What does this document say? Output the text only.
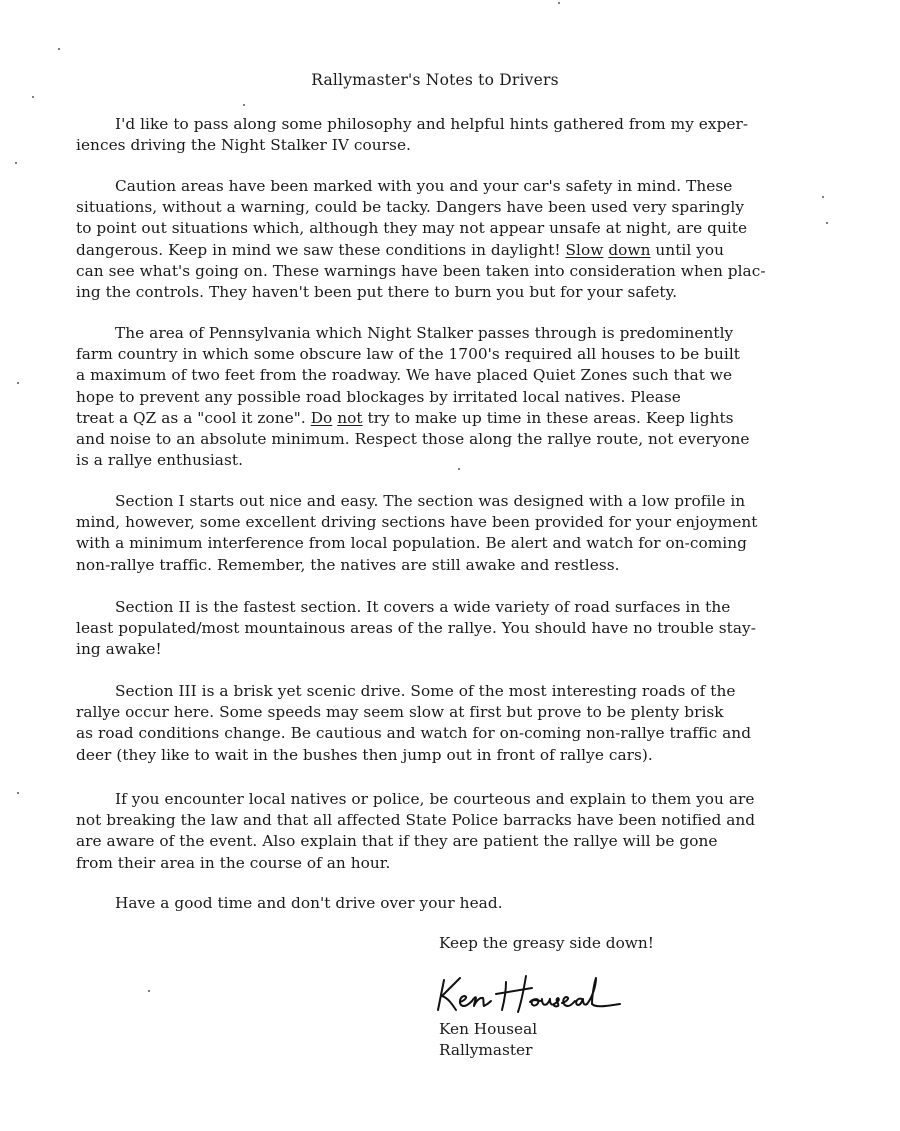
Rallymaster's Notes to Drivers
I'd like to pass along some philosophy and helpful hints gathered from my exper-
iences driving the Night Stalker IV course.
Caution areas have been marked with you and your car's safety in mind. These
situations, without a warning, could be tacky. Dangers have been used very sparingly
to point out situations which, although they may not appear unsafe at night, are quite
dangerous. Keep in mind we saw these conditions in daylight! Slow down until you
can see what's going on. These warnings have been taken into consideration when plac-
ing the controls. They haven't been put there to burn you but for your safety.
The area of Pennsylvania which Night Stalker passes through is predominently
farm country in which some obscure law of the 1700's required all houses to be built
a maximum of two feet from the roadway. We have placed Quiet Zones such that we
hope to prevent any possible road blockages by irritated local natives. Please
treat a QZ as a "cool it zone". Do not try to make up time in these areas. Keep lights
and noise to an absolute minimum. Respect those along the rallye route, not everyone
is a rallye enthusiast.
Section I starts out nice and easy. The section was designed with a low profile in
mind, however, some excellent driving sections have been provided for your enjoyment
with a minimum interference from local population. Be alert and watch for on-coming
non-rallye traffic. Remember, the natives are still awake and restless.
Section II is the fastest section. It covers a wide variety of road surfaces in the
least populated/most mountainous areas of the rallye. You should have no trouble stay-
ing awake!
Section III is a brisk yet scenic drive. Some of the most interesting roads of the
rallye occur here. Some speeds may seem slow at first but prove to be plenty brisk
as road conditions change. Be cautious and watch for on-coming non-rallye traffic and
deer (they like to wait in the bushes then jump out in front of rallye cars).
If you encounter local natives or police, be courteous and explain to them you are
not breaking the law and that all affected State Police barracks have been notified and
are aware of the event. Also explain that if they are patient the rallye will be gone
from their area in the course of an hour.
Have a good time and don't drive over your head.
Keep the greasy side down!
Ken Houseal
Rallymaster
